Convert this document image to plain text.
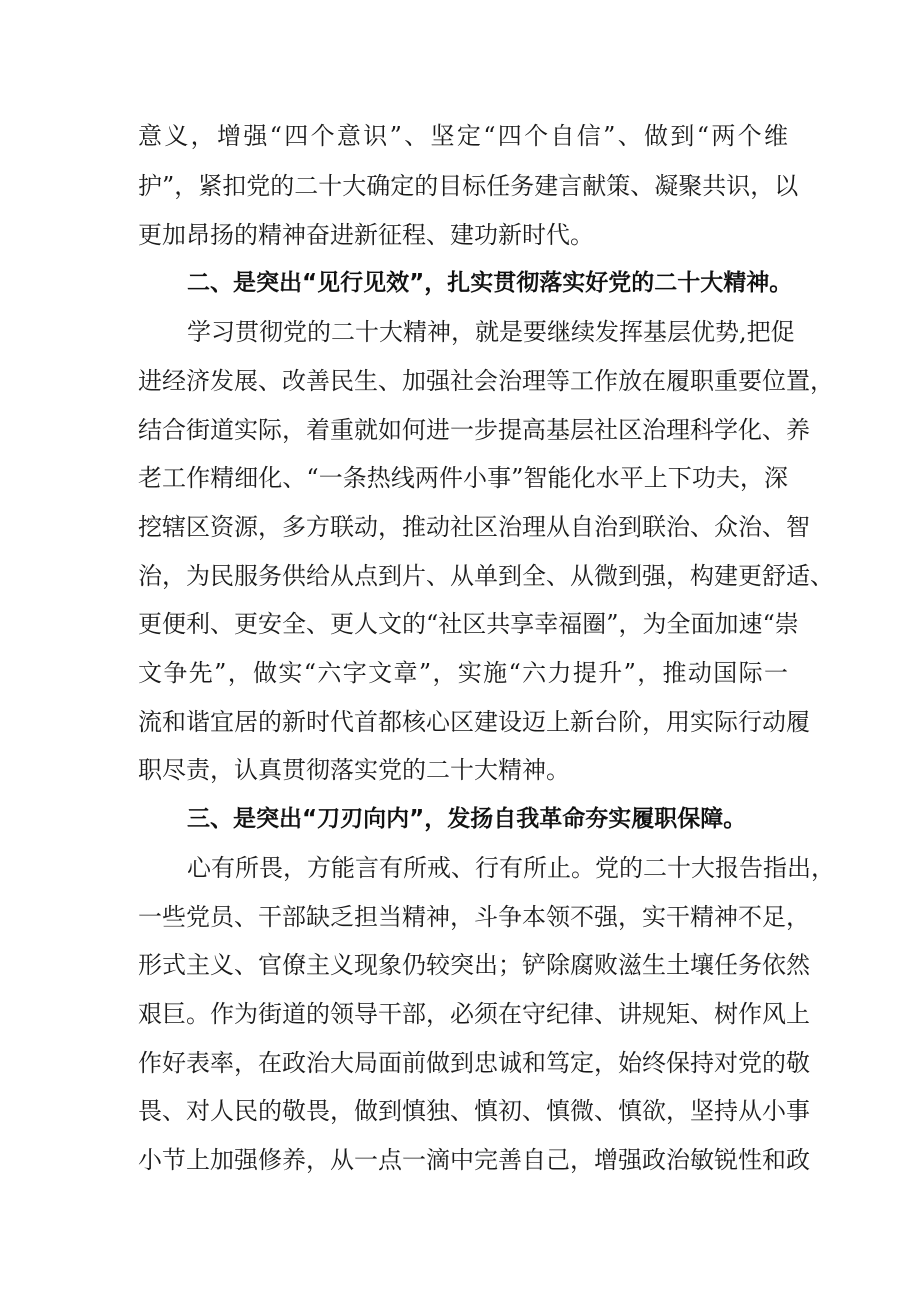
意义，增强“四个意识”、坚定“四个自信”、做到“两个维
护”，紧扣党的二十大确定的目标任务建言献策、凝聚共识，以
更加昂扬的精神奋进新征程、建功新时代。
二、是突出“见行见效”，扎实贯彻落实好党的二十大精神。
学习贯彻党的二十大精神，就是要继续发挥基层优势,把促
进经济发展、改善民生、加强社会治理等工作放在履职重要位置，
结合街道实际，着重就如何进一步提高基层社区治理科学化、养
老工作精细化、“一条热线两件小事”智能化水平上下功夫，深
挖辖区资源，多方联动，推动社区治理从自治到联治、众治、智
治，为民服务供给从点到片、从单到全、从微到强，构建更舒适、
更便利、更安全、更人文的“社区共享幸福圈”，为全面加速“崇
文争先”，做实“六字文章”，实施“六力提升”，推动国际一
流和谐宜居的新时代首都核心区建设迈上新台阶，用实际行动履
职尽责，认真贯彻落实党的二十大精神。
三、是突出“刀刃向内”，发扬自我革命夯实履职保障。
心有所畏，方能言有所戒、行有所止。党的二十大报告指出，
一些党员、干部缺乏担当精神，斗争本领不强，实干精神不足，
形式主义、官僚主义现象仍较突出；铲除腐败滋生土壤任务依然
艰巨。作为街道的领导干部，必须在守纪律、讲规矩、树作风上
作好表率，在政治大局面前做到忠诚和笃定，始终保持对党的敬
畏、对人民的敬畏，做到慎独、慎初、慎微、慎欲，坚持从小事
小节上加强修养，从一点一滴中完善自己，增强政治敏锐性和政
